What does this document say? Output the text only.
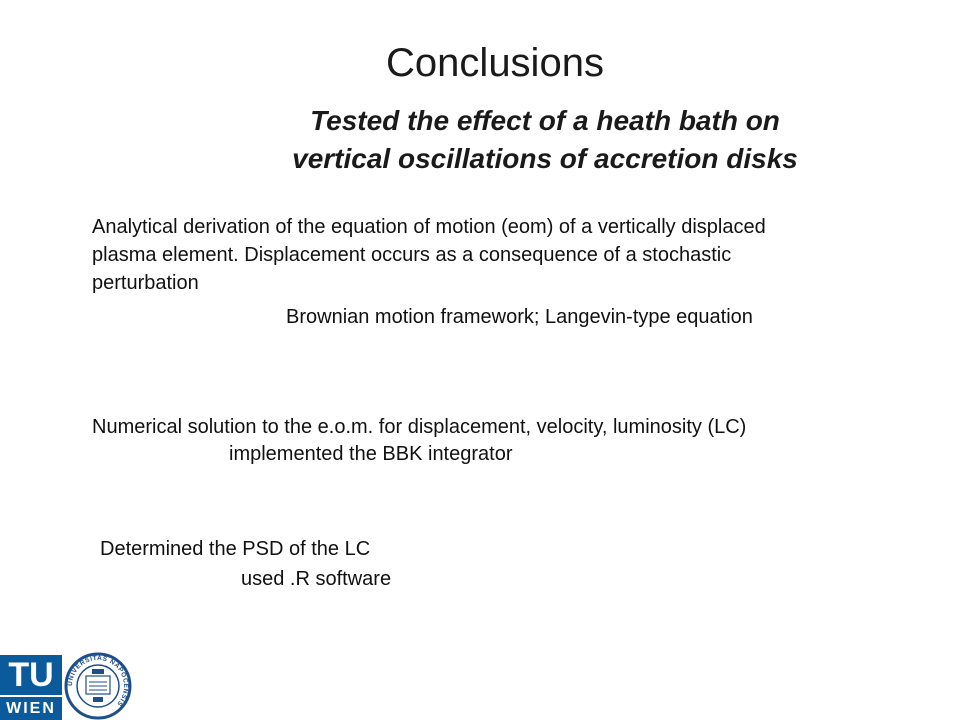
Conclusions
Tested the effect of a heath bath on
vertical oscillations of accretion disks
Analytical derivation of the equation of motion (eom) of a vertically displaced
plasma element. Displacement occurs as a consequence of a stochastic
perturbation
Brownian motion framework; Langevin-type equation
Numerical solution to the e.o.m. for displacement, velocity, luminosity (LC)
implemented the BBK integrator
Determined the PSD of the LC
used .R software
TU
WIEN
UNIVERSITAS NAPOCENSIS
